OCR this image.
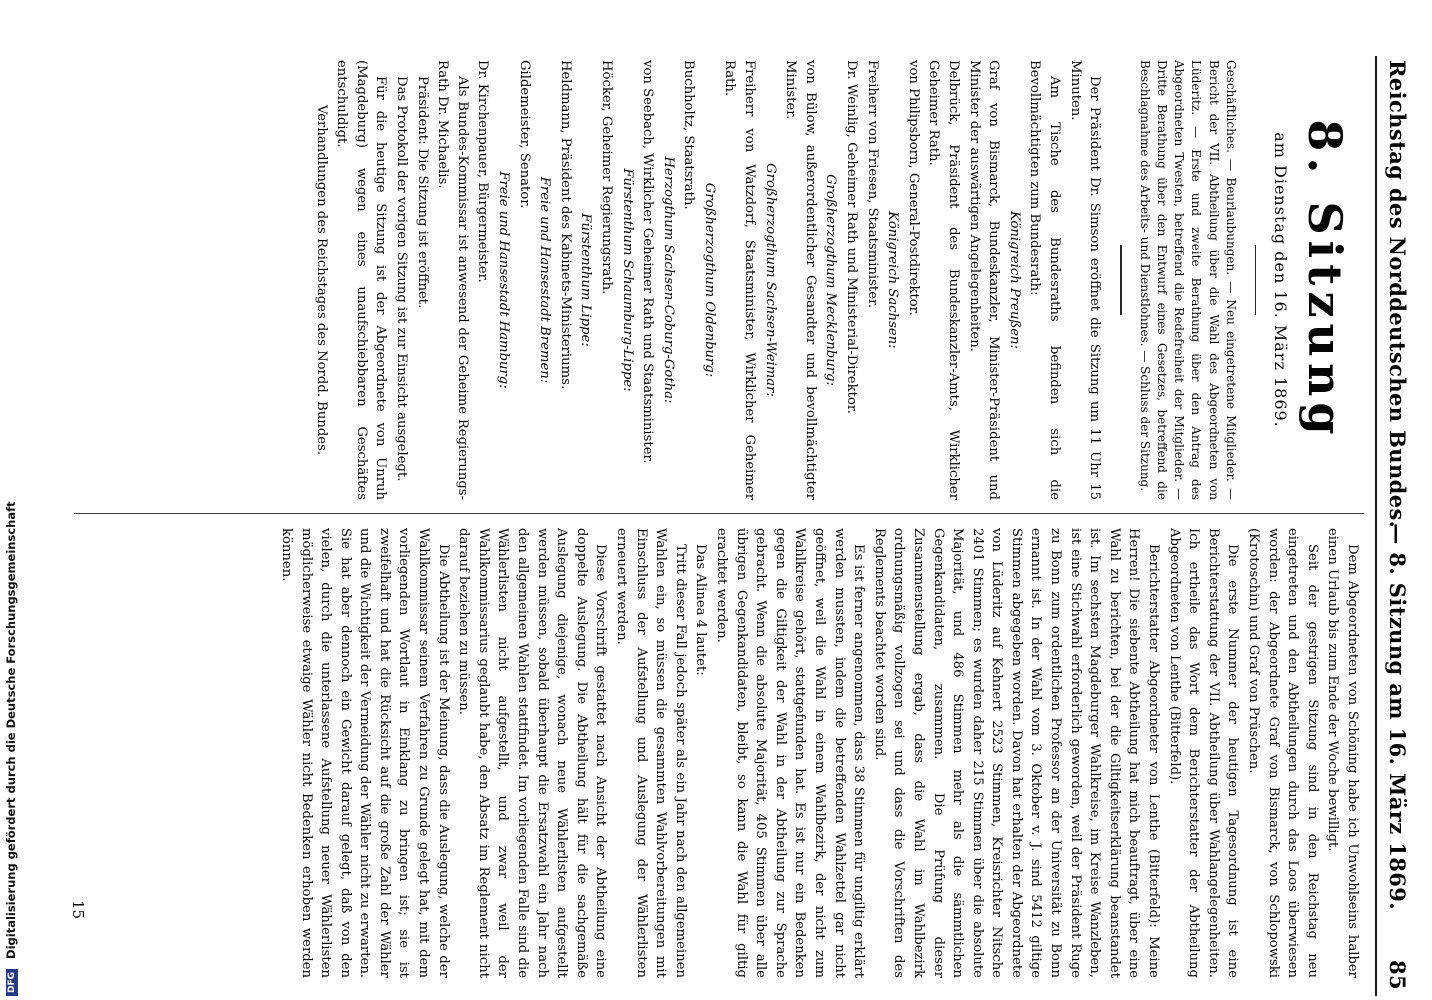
Reichstag des Norddeutschen Bundes.
— 8. Sitzung am 16. März 1869.
85
8. Sitzung
am Dienstag den 16. März 1869.
Geschäftliches. — Beurlaubungen. — Neu eingetretene Mitglieder. — Bericht der VII. Abtheilung über die Wahl des Abgeordneten von Lüderitz. — Erste und zweite Berathung über den Antrag des Abgeordneten Twesten, betreffend die Redefreiheit der Mitglieder. — Dritte Berathung über den Entwurf eines Gesetzes, betreffend die Beschlagnahme des Arbeits- und Dienstlohnes. — Schluss der Sitzung.

Der Präsident Dr. Simson eröffnet die Sitzung um 11 Uhr 15 Minuten.

Am Tische des Bundesraths befinden sich die Bevollmächtigten zum Bundesrath:

Königreich Preußen:

Graf von Bismarck, Bundeskanzler, Minister-Präsident und Minister der auswärtigen Angelegenheiten.

Delbrück, Präsident des Bundeskanzler-Amts, Wirklicher Geheimer Rath.

von Philipsborn, General-Postdirektor.

Königreich Sachsen:

Freiherr von Friesen, Staatsminister.

Dr. Weinlig, Geheimer Rath und Ministerial-Direktor.

Großherzogthum Mecklenburg:

von Bülow, außerordentlicher Gesandter und bevollmächtigter Minister.

Großherzogthum Sachsen-Weimar:

Freiherr von Watzdorf, Staatsminister, Wirklicher Geheimer Rath.

Großherzogthum Oldenburg:

Buchholtz, Staatsrath.

Herzogthum Sachsen-Coburg-Gotha:

von Seebach, Wirklicher Geheimer Rath und Staatsminister.

Fürstenthum Schaumburg-Lippe:

Höcker, Geheimer Regierungsrath.

Fürstenthum Lippe:

Heldmann, Präsident des Kabinets-Ministeriums.

Freie und Hansestadt Bremen:

Gildemeister, Senator.

Freie und Hansestadt Hamburg:

Dr. Kirchenpauer, Bürgermeister.

Als Bundes-Kommissar ist anwesend der Geheime Regierungs-Rath Dr. Michaelis.

Präsident: Die Sitzung ist eröffnet.

Das Protokoll der vorigen Sitzung ist zur Einsicht ausgelegt.

Für die heutige Sitzung ist der Abgeordnete von Unruh (Magdeburg) wegen eines unaufschiebbaren Geschäftes entschuldigt.

Verhandlungen des Reichstages des Nordd. Bundes.

Dem Abgeordneten von Schöning habe ich Unwohlseins halber einen Urlaub bis zum Ende der Woche bewilligt.

Seit der gestrigen Sitzung sind in den Reichstag neu eingetreten und den Abtheilungen durch das Loos überwiesen worden: der Abgeordnete Graf von Bismarck, von Schlopowski (Krotoschin) und Graf von Prüschen.

Die erste Nummer der heutigen Tagesordnung ist eine Berichterstattung der VII. Abtheilung über Wahlangelegenheiten. Ich ertheile das Wort dem Berichterstatter der Abtheilung Abgeordneten von Lenthe (Bitterfeld).

Berichterstatter Abgeordneter von Lenthe (Bitterfeld): Meine Herren! Die siebente Abtheilung hat mich beauftragt, über eine Wahl zu berichten, bei der die Giltigkeitserklärung beanstandet ist. Im sechsten Magdeburger Wahlkreise, im Kreise Wanzleben, ist eine Stichwahl erforderlich geworden, weil der Präsident Ruge zu Bonn zum ordentlichen Professor an der Universität zu Bonn ernannt ist. In der Wahl vom 3. Oktober v. J. sind 5412 giltige Stimmen abgegeben worden. Davon hat erhalten der Abgeordnete von Lüderitz auf Kehnert 2523 Stimmen, Kreisrichter Nitsche 2401 Stimmen; es wurden daher 215 Stimmen über die absolute Majorität, und 486 Stimmen mehr als die sämmtlichen Gegenkandidaten, zusammen. Die Prüfung dieser Zusammenstellung ergab, dass die Wahl im Wahlbezirk ordnungsmäßig vollzogen sei und dass die Vorschriften des Reglements beachtet worden sind.

Es ist ferner angenommen, dass 38 Stimmen für ungiltig erklärt werden mussten, indem die betreffenden Wahlzettel gar nicht geöffnet, weil die Wahl in einem Wahlbezirk, der nicht zum Wahlkreise gehört, stattgefunden hat. Es ist nur ein Bedenken gegen die Giltigkeit der Wahl in der Abtheilung zur Sprache gebracht. Wenn die absolute Majorität, 405 Stimmen über alle übrigen Gegenkandidaten, bleibt, so kann die Wahl für giltig erachtet werden.

Das Alinea 4 lautet:

Tritt dieser Fall jedoch später als ein Jahr nach den allgemeinen Wahlen ein, so müssen die gesammten Wahlvorbereitungen mit Einschluss der Aufstellung und Auslegung der Wählerlisten erneuert werden.

Diese Vorschrift gestattet nach Ansicht der Abtheilung eine doppelte Auslegung. Die Abtheilung hält für die sachgemäße Auslegung diejenige, wonach neue Wählerlisten aufgestellt werden müssen, sobald überhaupt die Ersatzwahl ein Jahr nach den allgemeinen Wahlen stattfindet. Im vorliegenden Falle sind die Wählerlisten nicht aufgestellt, und zwar weil der Wahlkommissarius geglaubt habe, den Absatz im Reglement nicht darauf beziehen zu müssen.

Die Abtheilung ist der Meinung, dass die Auslegung, welche der Wahlkommissar seinem Verfahren zu Grunde gelegt hat, mit dem vorliegenden Wortlaut in Einklang zu bringen ist; sie ist zweifelhaft und hat die Rücksicht auf die große Zahl der Wähler und die Wichtigkeit der Vermeidung der Wähler nicht zu erwarten. Sie hat aber dennoch ein Gewicht darauf gelegt, daß von den vielen, durch die unterlassene Aufstellung neuer Wählerlisten möglicherweise etwaige Wähler nicht Bedenken erhoben werden können.

15
DFG Digitalisierung gefördert durch die Deutsche Forschungsgemeinschaft
